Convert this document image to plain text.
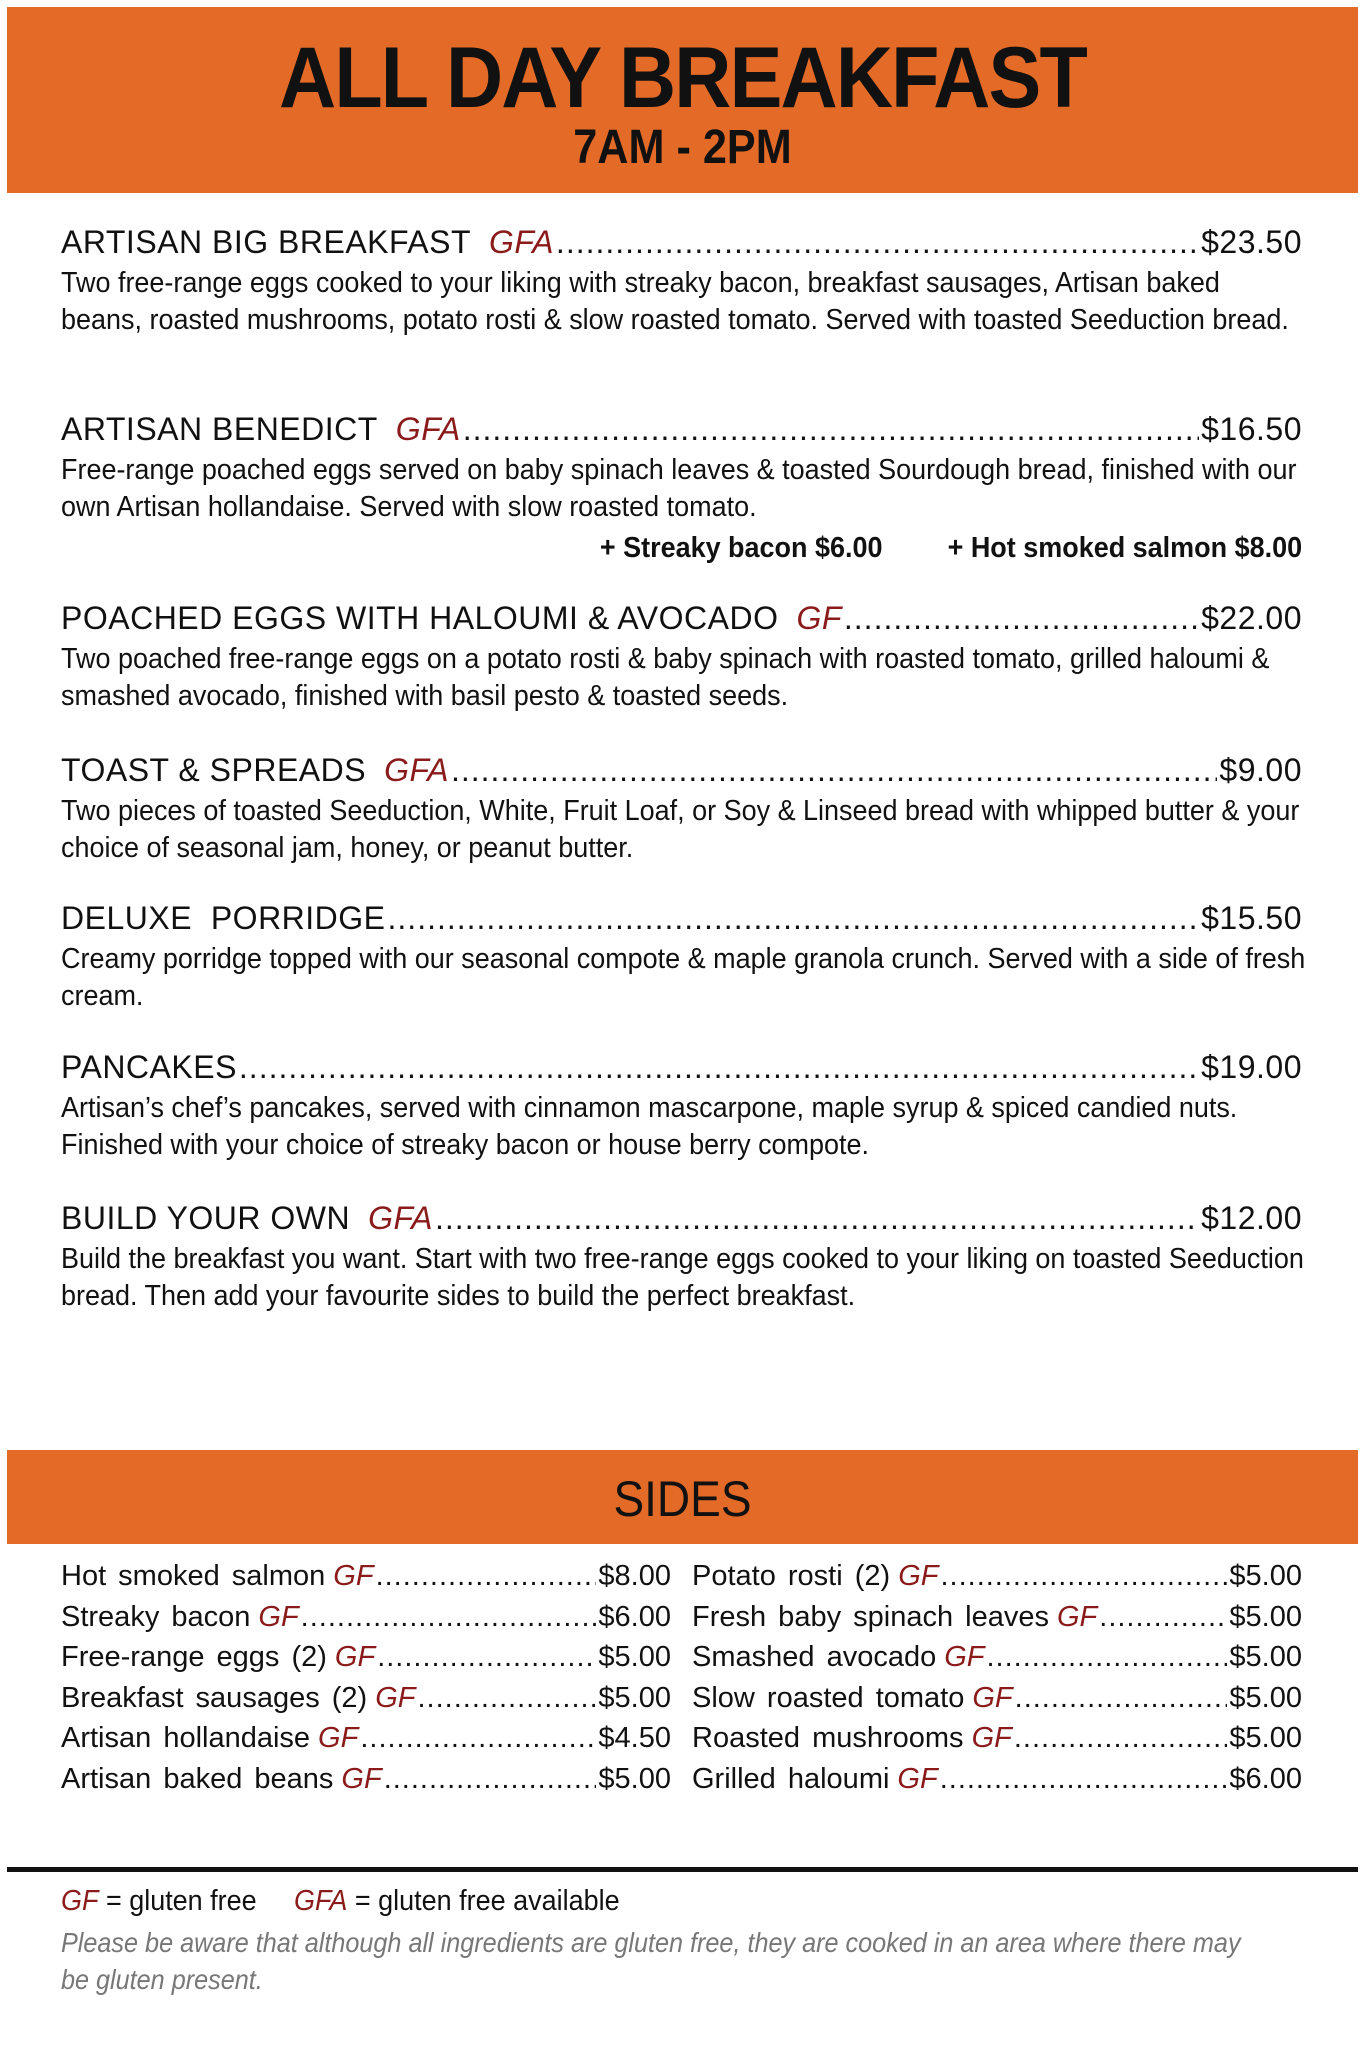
ALL DAY BREAKFAST
7AM - 2PM
ARTISAN BIG BREAKFAST GFA .....	$23.50
Two free-range eggs cooked to your liking with streaky bacon, breakfast sausages, Artisan baked beans, roasted mushrooms, potato rosti & slow roasted tomato. Served with toasted Seeduction bread.
ARTISAN BENEDICT GFA .....	$16.50
Free-range poached eggs served on baby spinach leaves & toasted Sourdough bread, finished with our own Artisan hollandaise. Served with slow roasted tomato.
POACHED EGGS WITH HALOUMI & AVOCADO GF .....	$22.00
Two poached free-range eggs on a potato rosti & baby spinach with roasted tomato, grilled haloumi & smashed avocado, finished with basil pesto & toasted seeds.
TOAST & SPREADS GFA .....	$9.00
Two pieces of toasted Seeduction, White, Fruit Loaf, or Soy & Linseed bread with whipped butter & your choice of seasonal jam, honey, or peanut butter.
DELUXE  PORRIDGE .....	$15.50
Creamy porridge topped with our seasonal compote & maple granola crunch. Served with a side of fresh cream.
PANCAKES .....	$19.00
Artisan’s chef’s pancakes, served with cinnamon mascarpone, maple syrup & spiced candied nuts. Finished with your choice of streaky bacon or house berry compote.
BUILD YOUR OWN GFA .....	$12.00
Build the breakfast you want. Start with two free-range eggs cooked to your liking on toasted Seeduction bread. Then add your favourite sides to build the perfect breakfast.
+ Streaky bacon $6.00 + Hot smoked salmon $8.00
SIDES
Hot smoked salmon GF .....	$8.00
Streaky bacon GF .....	$6.00
Free-range eggs (2) GF .....	$5.00
Breakfast sausages (2) GF .....	$5.00
Artisan hollandaise GF .....	$4.50
Artisan baked beans GF .....	$5.00
Potato rosti (2) GF .....	$5.00
Fresh baby spinach leaves GF .....	$5.00
Smashed avocado GF .....	$5.00
Slow roasted tomato GF .....	$5.00
Roasted mushrooms GF .....	$5.00
Grilled haloumi GF .....	$6.00
GF = gluten free GFA = gluten free available
Please be aware that although all ingredients are gluten free, they are cooked in an area where there may be gluten present.
